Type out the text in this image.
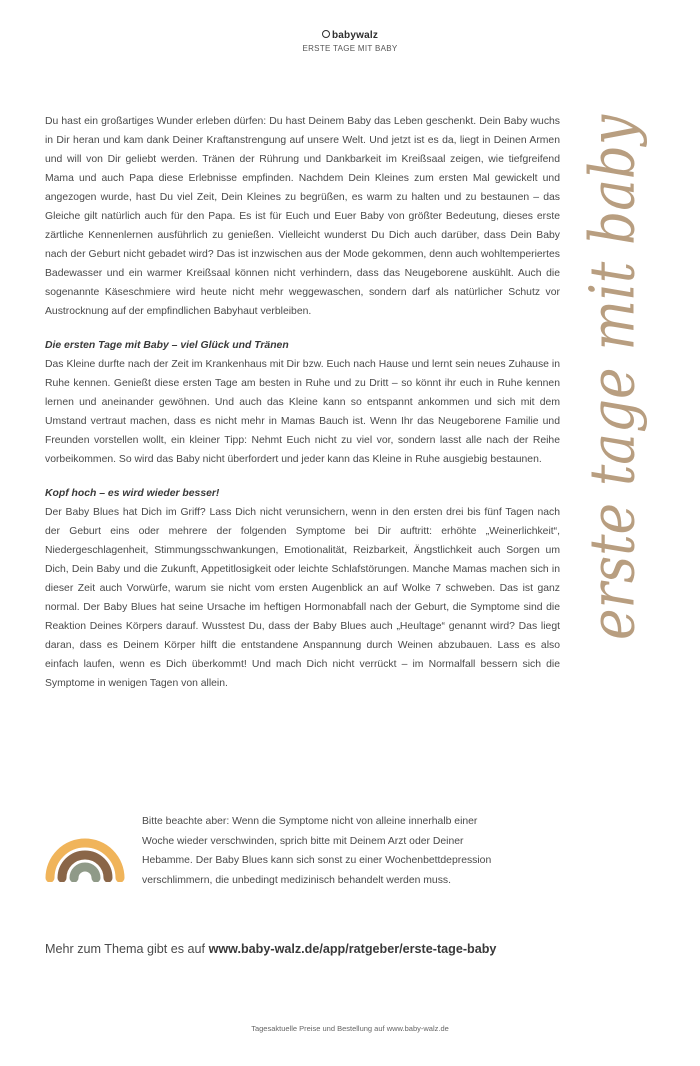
babywalz
ERSTE TAGE MIT BABY

Du hast ein großartiges Wunder erleben dürfen: Du hast Deinem Baby das Leben geschenkt. Dein Baby wuchs in Dir heran und kam dank Deiner Kraftanstrengung auf unsere Welt. Und jetzt ist es da, liegt in Deinen Armen und will von Dir geliebt werden. Tränen der Rührung und Dankbarkeit im Kreißsaal zeigen, wie tiefgreifend Mama und auch Papa diese Erlebnisse empfinden. Nachdem Dein Kleines zum ersten Mal gewickelt und angezogen wurde, hast Du viel Zeit, Dein Kleines zu begrüßen, es warm zu halten und zu bestaunen – das Gleiche gilt natürlich auch für den Papa. Es ist für Euch und Euer Baby von größter Bedeutung, dieses erste zärtliche Kennenlernen ausführlich zu genießen. Vielleicht wunderst Du Dich auch darüber, dass Dein Baby nach der Geburt nicht gebadet wird? Das ist inzwischen aus der Mode gekommen, denn auch wohltemperiertes Badewasser und ein warmer Kreißsaal können nicht verhindern, dass das Neugeborene auskühlt. Auch die sogenannte Käseschmiere wird heute nicht mehr weggewaschen, sondern darf als natürlicher Schutz vor Austrocknung auf der empfindlichen Babyhaut verbleiben.

Die ersten Tage mit Baby – viel Glück und Tränen

Das Kleine durfte nach der Zeit im Krankenhaus mit Dir bzw. Euch nach Hause und lernt sein neues Zuhause in Ruhe kennen. Genießt diese ersten Tage am besten in Ruhe und zu Dritt – so könnt ihr euch in Ruhe kennen lernen und aneinander gewöhnen. Und auch das Kleine kann so entspannt ankommen und sich mit dem Umstand vertraut machen, dass es nicht mehr in Mamas Bauch ist. Wenn Ihr das Neugeborene Familie und Freunden vorstellen wollt, ein kleiner Tipp: Nehmt Euch nicht zu viel vor, sondern lasst alle nach der Reihe vorbeikommen. So wird das Baby nicht überfordert und jeder kann das Kleine in Ruhe ausgiebig bestaunen.

Kopf hoch – es wird wieder besser!

Der Baby Blues hat Dich im Griff? Lass Dich nicht verunsichern, wenn in den ersten drei bis fünf Tagen nach der Geburt eins oder mehrere der folgenden Symptome bei Dir auftritt: erhöhte „Weinerlichkeit“, Niedergeschlagenheit, Stimmungsschwankungen, Emotionalität, Reizbarkeit, Ängstlichkeit auch Sorgen um Dich, Dein Baby und die Zukunft, Appetitlosigkeit oder leichte Schlafstörungen. Manche Mamas machen sich in dieser Zeit auch Vorwürfe, warum sie nicht vom ersten Augenblick an auf Wolke 7 schweben. Das ist ganz normal. Der Baby Blues hat seine Ursache im heftigen Hormonabfall nach der Geburt, die Symptome sind die Reaktion Deines Körpers darauf. Wusstest Du, dass der Baby Blues auch „Heultage“ genannt wird? Das liegt daran, dass es Deinem Körper hilft die entstandene Anspannung durch Weinen abzubauen. Lass es also einfach laufen, wenn es Dich überkommt! Und mach Dich nicht verrückt – im Normalfall bessern sich die Symptome in wenigen Tagen von allein.

erste tage mit baby
Bitte beachte aber: Wenn die Symptome nicht von alleine innerhalb einer
Woche wieder verschwinden, sprich bitte mit Deinem Arzt oder Deiner
Hebamme. Der Baby Blues kann sich sonst zu einer Wochenbettdepression
verschlimmern, die unbedingt medizinisch behandelt werden muss.
Mehr zum Thema gibt es auf www.baby-walz.de/app/ratgeber/erste-tage-baby
Tagesaktuelle Preise und Bestellung auf www.baby-walz.de
